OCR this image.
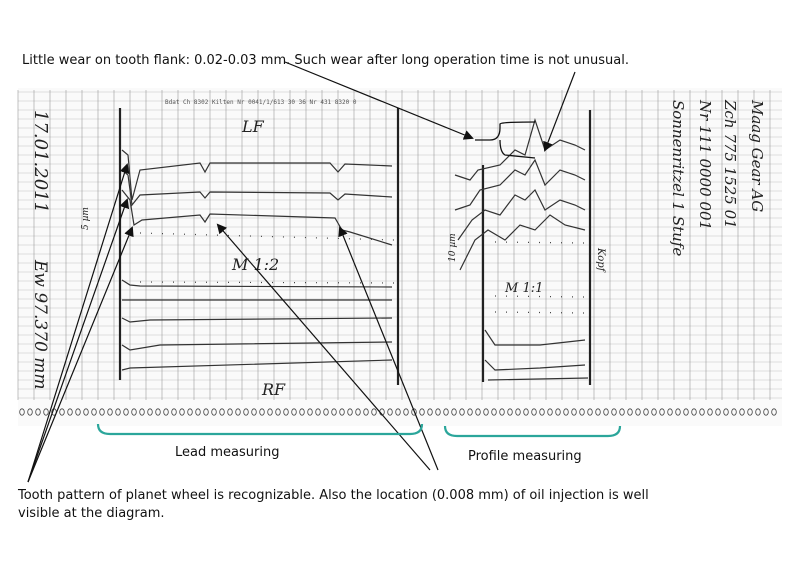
Bdat Ch 8302 Kilten Nr 0041/1/613 30 36 Nr 431 8320 0
17.01.2011
Ew 97.370 mm
LF
RF
M 1:2
M 1:1
5 µm
10 µm	Kopf
Maag Gear AG
Zch 775 1525 01
Nr 111 0000 001
Sonnenritzel 1 Stufe
Little wear on tooth flank: 0.02-0.03 mm. Such wear after long operation time is not unusual.
Lead measuring	Profile measuring
Tooth pattern of planet wheel is recognizable. Also the location (0.008 mm) of oil injection is well
visible at the diagram.
